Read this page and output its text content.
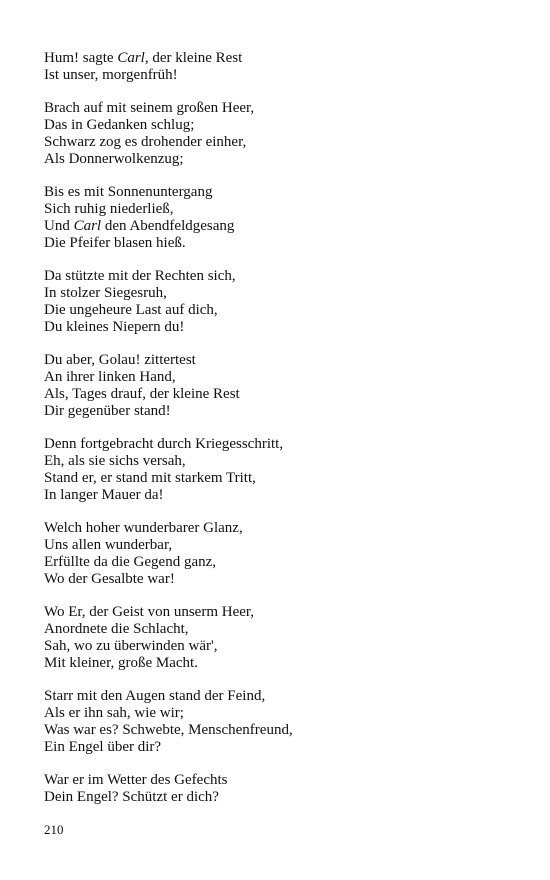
Hum! sagte Carl, der kleine Rest
Ist unser, morgenfrüh!
Brach auf mit seinem großen Heer,
Das in Gedanken schlug;
Schwarz zog es drohender einher,
Als Donnerwolkenzug;
Bis es mit Sonnenuntergang
Sich ruhig niederließ,
Und Carl den Abendfeldgesang
Die Pfeifer blasen hieß.
Da stützte mit der Rechten sich,
In stolzer Siegesruh,
Die ungeheure Last auf dich,
Du kleines Niepern du!
Du aber, Golau! zittertest
An ihrer linken Hand,
Als, Tages drauf, der kleine Rest
Dir gegenüber stand!
Denn fortgebracht durch Kriegesschritt,
Eh, als sie sichs versah,
Stand er, er stand mit starkem Tritt,
In langer Mauer da!
Welch hoher wunderbarer Glanz,
Uns allen wunderbar,
Erfüllte da die Gegend ganz,
Wo der Gesalbte war!
Wo Er, der Geist von unserm Heer,
Anordnete die Schlacht,
Sah, wo zu überwinden wär',
Mit kleiner, große Macht.
Starr mit den Augen stand der Feind,
Als er ihn sah, wie wir;
Was war es? Schwebte, Menschenfreund,
Ein Engel über dir?
War er im Wetter des Gefechts
Dein Engel? Schützt er dich?
210
